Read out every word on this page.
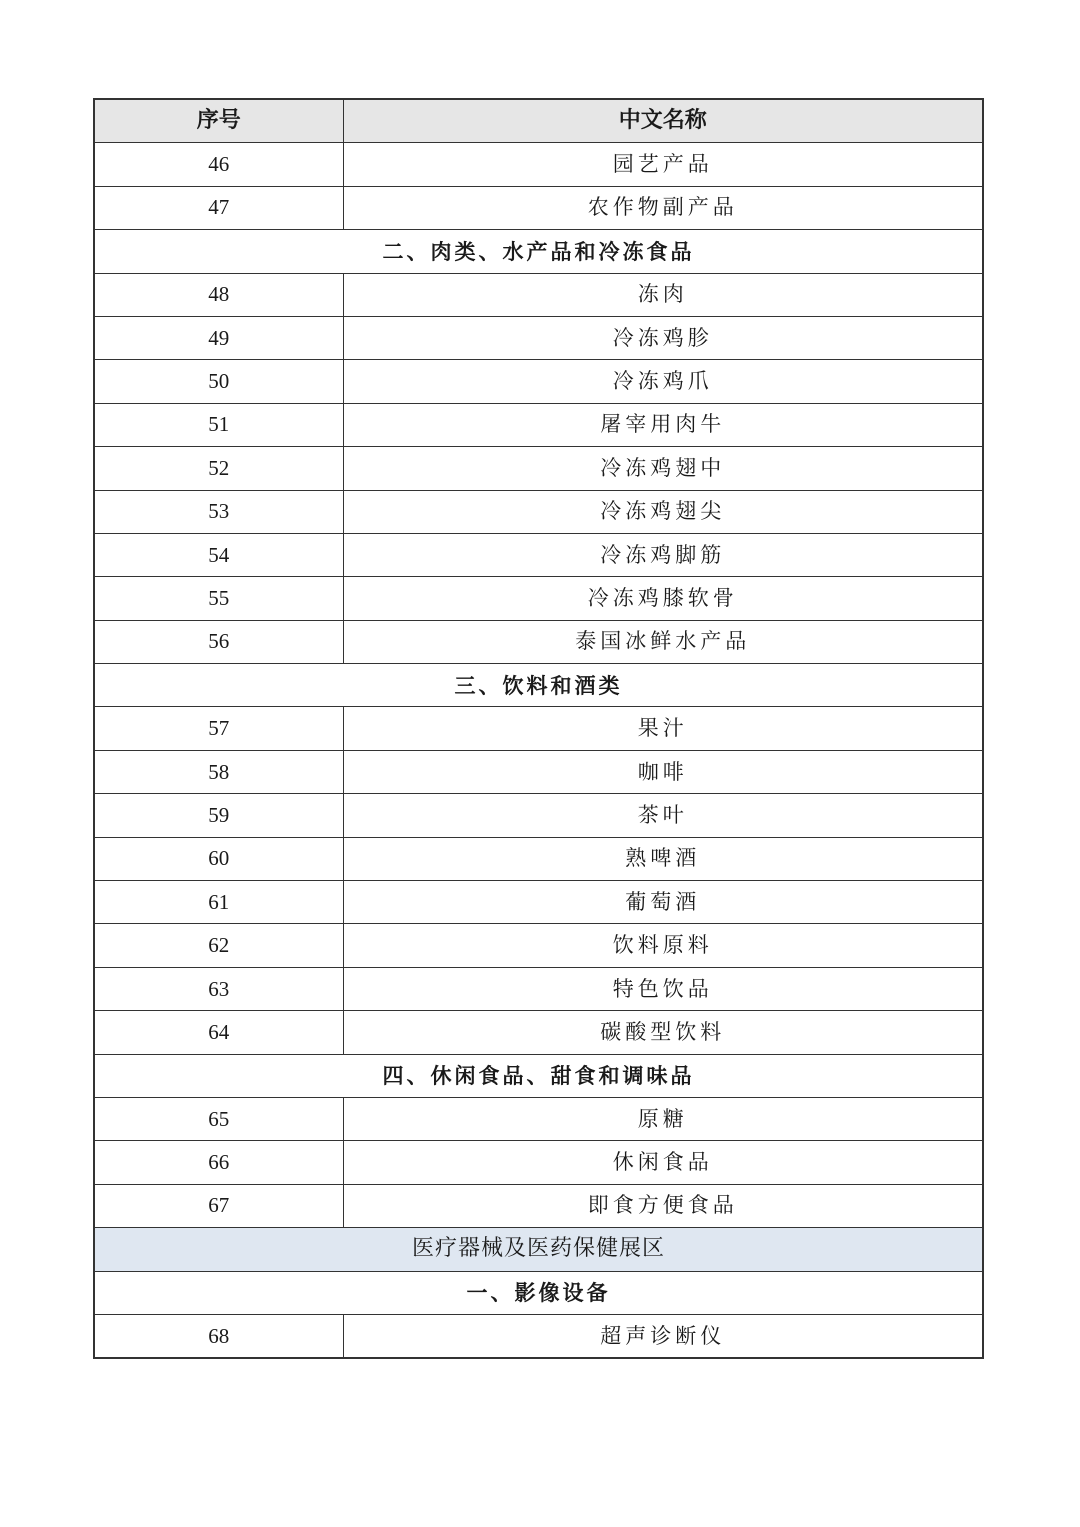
序号	中文名称
46	园艺产品
47	农作物副产品
二、肉类、水产品和冷冻食品	
48	冻肉
49	冷冻鸡胗
50	冷冻鸡爪
51	屠宰用肉牛
52	冷冻鸡翅中
53	冷冻鸡翅尖
54	冷冻鸡脚筋
55	冷冻鸡膝软骨
56	泰国冰鲜水产品
三、饮料和酒类	
57	果汁
58	咖啡
59	茶叶
60	熟啤酒
61	葡萄酒
62	饮料原料
63	特色饮品
64	碳酸型饮料
四、休闲食品、甜食和调味品	
65	原糖
66	休闲食品
67	即食方便食品
医疗器械及医药保健展区	
一、影像设备	
68	超声诊断仪
